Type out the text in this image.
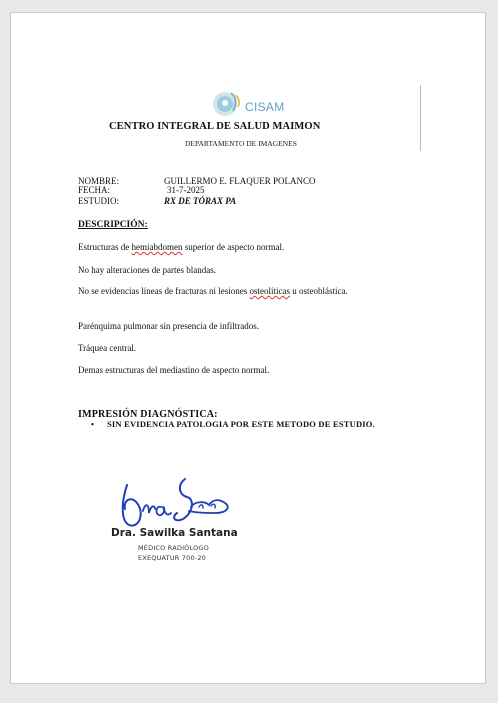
CISAM
CENTRO INTEGRAL DE SALUD MAIMON
DEPARTAMENTO DE IMAGENES
NOMBRE:	GUILLERMO E. FLAQUER POLANCO
FECHA:	31-7-2025
ESTUDIO:	RX DE TÓRAX PA
DESCRIPCIÓN:
Estructuras de hemiabdomen superior de aspecto normal.
No hay alteraciones de partes blandas.
No se evidencias líneas de fracturas ni lesiones osteolíticas u osteoblástica.
Parénquima pulmonar sin presencia de infiltrados.
Tráquea central.
Demas estructuras del mediastino de aspecto normal.
IMPRESIÓN DIAGNÓSTICA:
• SIN EVIDENCIA PATOLOGIA POR ESTE METODO DE ESTUDIO.
Dra. Sawilka Santana
MÉDICO RADIÓLOGO
EXEQUATUR 700-20
